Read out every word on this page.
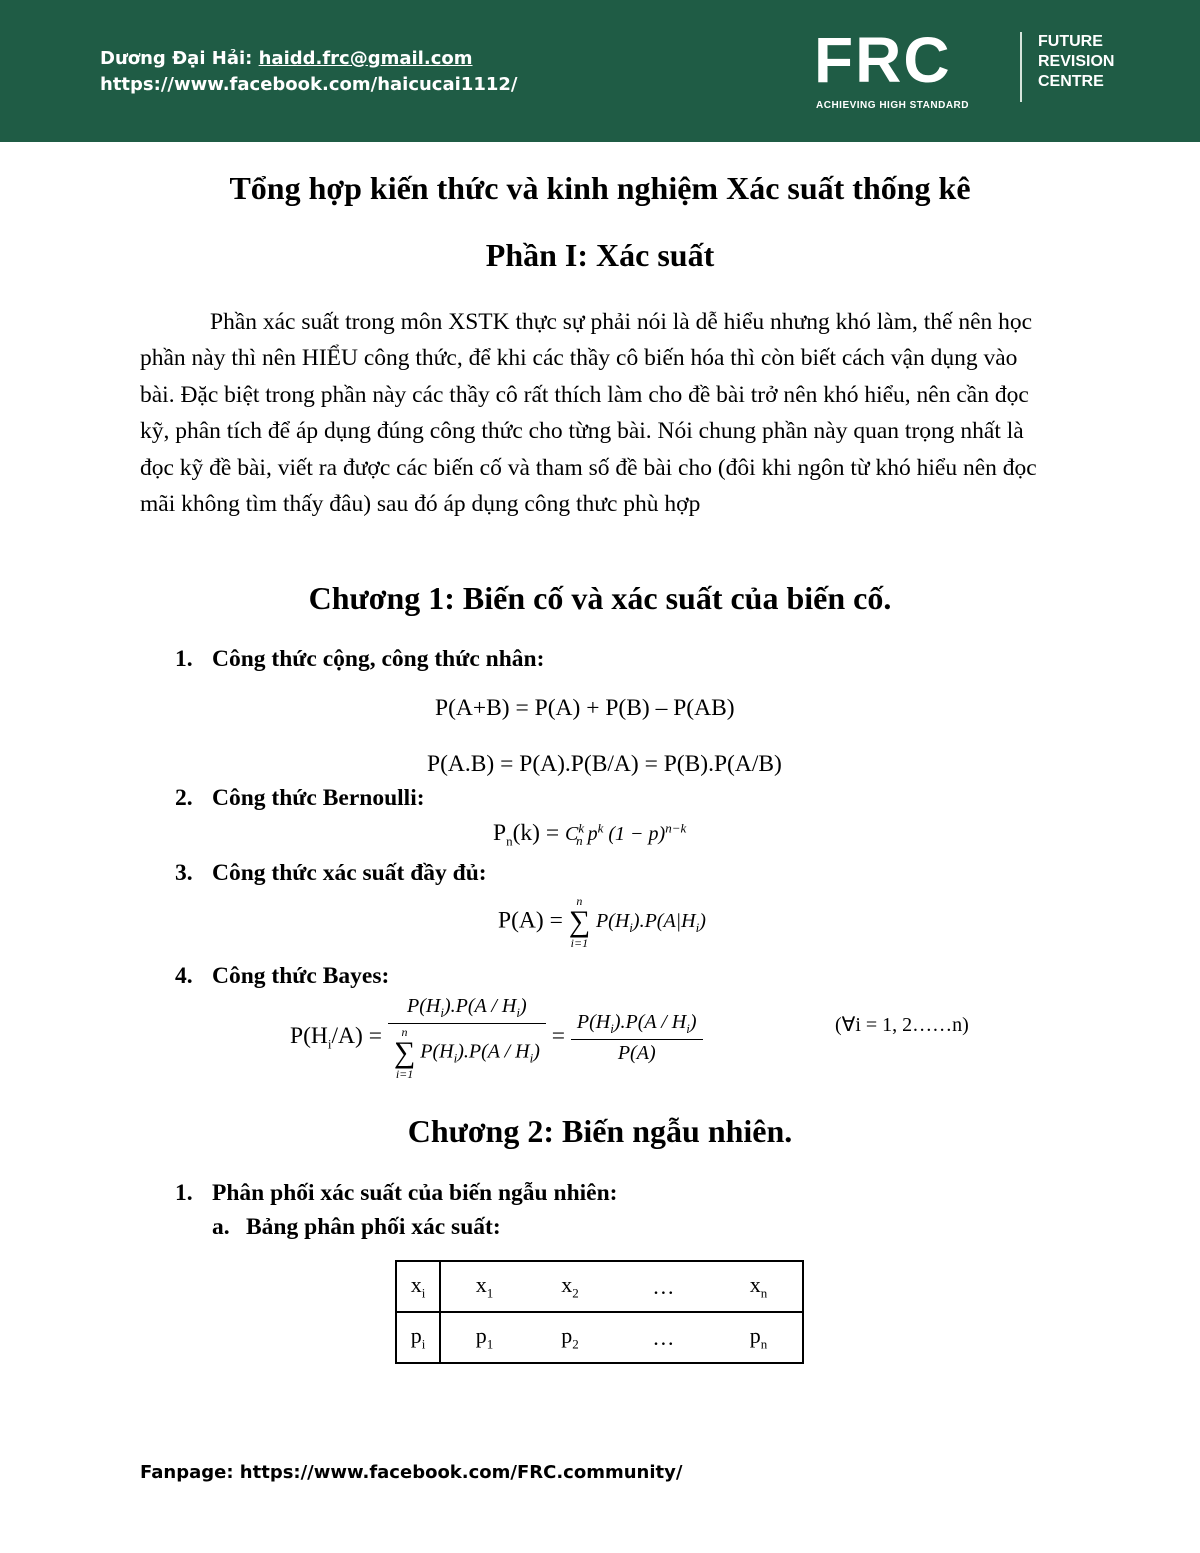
Dương Đại Hải: haidd.frc@gmail.com
https://www.facebook.com/haicucai1112/	FRC
ACHIEVING HIGH STANDARD
FUTURE
REVISION
CENTRE
Tổng hợp kiến thức và kinh nghiệm Xác suất thống kê
Phần I: Xác suất
Phần xác suất trong môn XSTK thực sự phải nói là dễ hiểu nhưng khó làm, thế nên học phần này thì nên HIỂU công thức, để khi các thầy cô biến hóa thì còn biết cách vận dụng vào bài. Đặc biệt trong phần này các thầy cô rất thích làm cho đề bài trở nên khó hiểu, nên cần đọc kỹ, phân tích để áp dụng đúng công thức cho từng bài. Nói chung phần này quan trọng nhất là đọc kỹ đề bài, viết ra được các biến cố và tham số đề bài cho (đôi khi ngôn từ khó hiểu nên đọc mãi không tìm thấy đâu) sau đó áp dụng công thưc phù hợp
Chương 1: Biến cố và xác suất của biến cố.
1. Công thức cộng, công thức nhân:
P(A+B) = P(A) + P(B) – P(AB)
P(A.B) = P(A).P(B/A) = P(B).P(A/B)
2. Công thức Bernoulli:
$P_n(k) = C^k_n$ $p^k$ $(1 - p)^{n-k}$
3. Công thức xác suất đầy đủ:
P(A) =
n
∑
i=1
$P(H_i).P(A|H_i)$
4. Công thức Bayes:
$P(H_i/A) = P(H_i).P(A / H_i)$
n
∑
i=1
$P(H_i).P(A / H_i) = \frac{P(H_i).P(A / H_i)}{P(A)}$	(∀i = 1, 2……n)
Chương 2: Biến ngẫu nhiên.
1. Phân phối xác suất của biến ngẫu nhiên:
a. Bảng phân phối xác suất:
$x_i$	$x_1$	$x_2$	…	$x_n$
$p_i$	$p_1$	$p_2$	…	$p_n$
Fanpage: https://www.facebook.com/FRC.community/
